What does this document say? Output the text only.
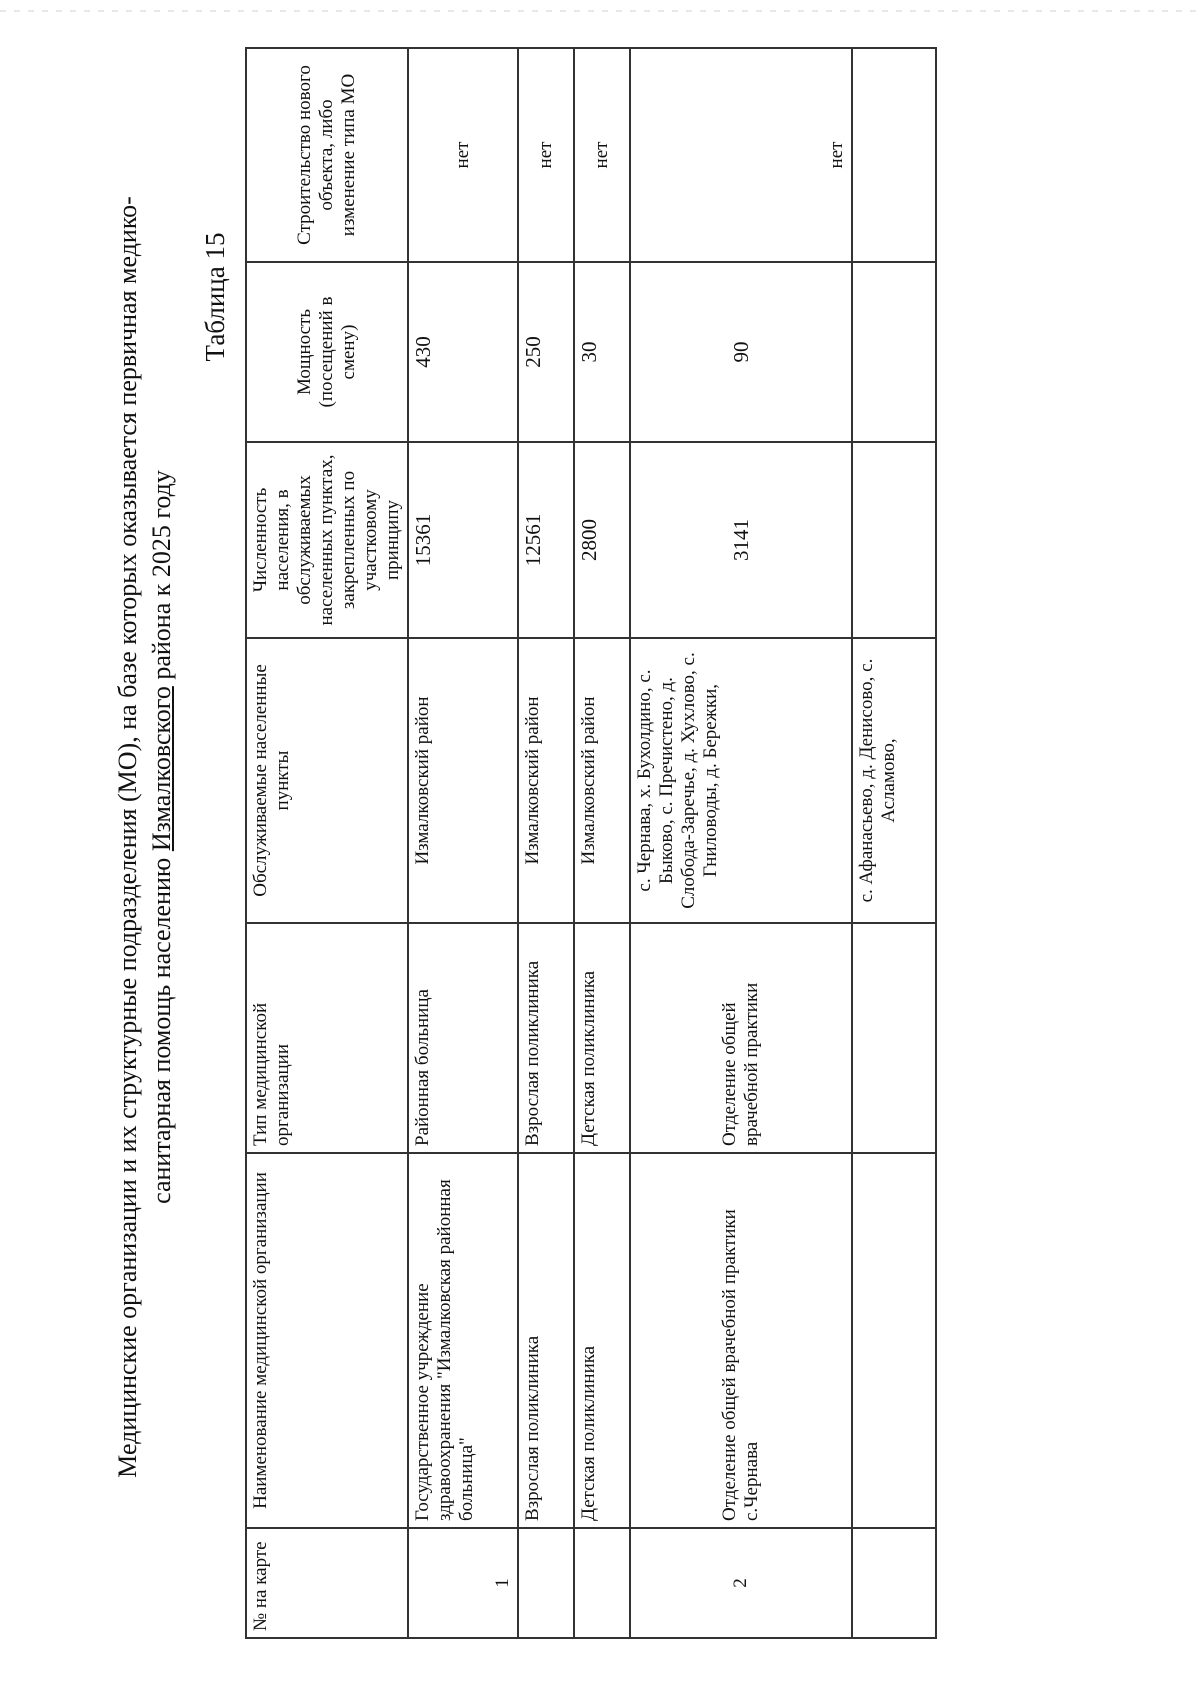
Медицинские организации и их структурные подразделения (МО), на базе которых оказывается первичная медико- санитарная помощь населению Измалковского района к 2025 году
Таблица 15
№ на карте	Наименование медицинской организации	Тип медицинской организации	Обслуживаемые населенные пункты	Численность населения, в обслуживаемых населенных пунктах, закрепленных по участковому принципу	Мощность (посещений в смену)	Строительство нового объекта, либо изменение типа МО
1	Государственное учреждение здравоохранения "Измалковская районная больница"	Районная больница	Измалковский район	15361	430	нет
	Взрослая поликлиника	Взрослая поликлиника	Измалковский район	12561	250	нет
	Детская поликлиника	Детская поликлиника	Измалковский район	2800	30	нет
2	Отделение общей врачебной практики с.Чернава	Отделение общей врачебной практики	с. Чернава, х. Бухолдино, с. Быково, с. Пречистено, д. Слобода-Заречье, д. Хухлово, с. Гниловоды, д. Бережки,	3141	90	нет
			с. Афанасьево, д. Денисово, с. Асламово,			
